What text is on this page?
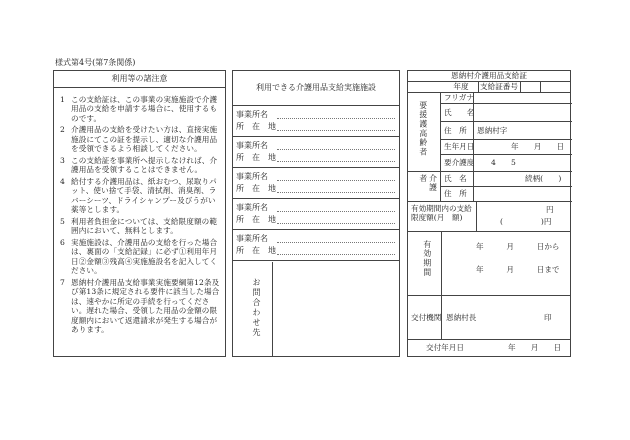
様式第4号(第7条関係)
利用等の諸注意
1 この支給証は、この事業の実施施設で介護用品の支給を申請する場合に、使用するものです。
2 介護用品の支給を受けたい方は、直接実施施設にてこの証を提示し、適切な介護用品を受領できるよう相談してください。
3 この支給証を事業所へ提示しなければ、介護用品を受領することはできません。
4 給付する介護用品は、紙おむつ、尿取りパット、使い捨て手袋、清拭剤、消臭剤、ラバーシーツ、ドライシャンプー及びうがい薬等とします。
5 利用者負担金については、支給限度額の範囲内において、無料とします。
6 実施施設は、介護用品の支給を行った場合は、裏面の「支給記録」に必ず①利用年月日②金額③残高④実施施設名を記入してください。
7 恩納村介護用品支給事業実施要綱第12条及び第13条に規定される要件に該当した場合は、速やかに所定の手続を行ってください。遅れた場合、受領した用品の金額の限度額内において返還請求が発生する場合があります。
利用できる介護用品支給実施施設
事業所名
所　在　地
事業所名
所　在　地
事業所名
所　在　地
事業所名
所　在　地
事業所名
所　在　地
お問合わせ先
恩納村介護用品支給証
年度	支給証番号
要援護高齢者
フリガナ
氏　　名
住　所 恩納村字
生年月日	年　　月　　日
要介護度 4　　5
介護者	氏　名	続柄(　　)
住　所
有効期間内の支給限度額(月　額)
円
(　　　　　)円
有効期間	年　　　月　　　日から
年　　　月　　　日まで
交付機関 恩納村長	印
交付年月日	年　　月　　日
